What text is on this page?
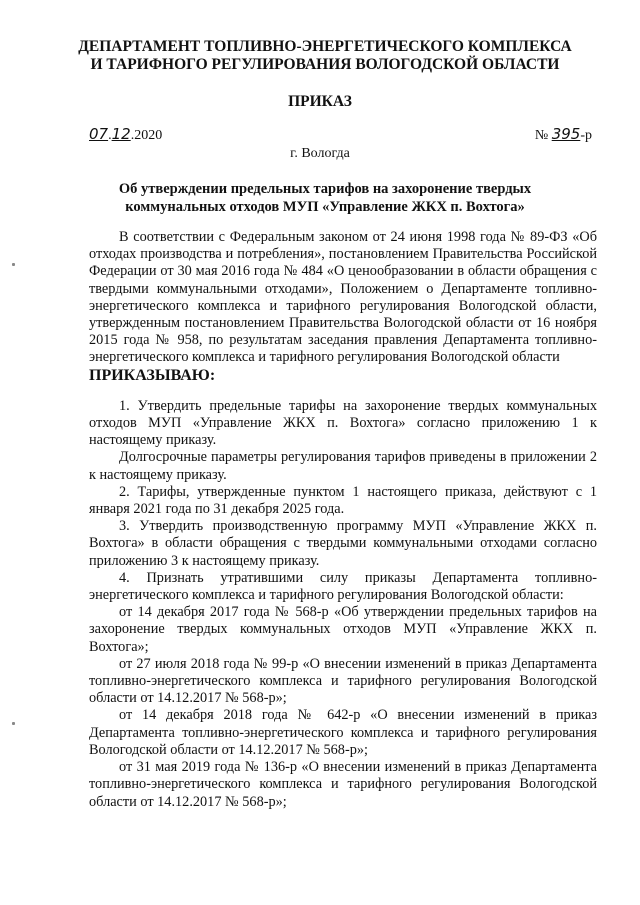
ДЕПАРТАМЕНТ ТОПЛИВНО-ЭНЕРГЕТИЧЕСКОГО КОМПЛЕКСА
И ТАРИФНОГО РЕГУЛИРОВАНИЯ ВОЛОГОДСКОЙ ОБЛАСТИ
ПРИКАЗ
07.12.2020	№ 395-р
г. Вологда
Об утверждении предельных тарифов на захоронение твердых
коммунальных отходов МУП «Управление ЖКХ п. Вохтога»

В соответствии с Федеральным законом от 24 июня 1998 года № 89-ФЗ «Об отходах производства и потребления», постановлением Правительства Российской Федерации от 30 мая 2016 года № 484 «О ценообразовании в области обращения с твердыми коммунальными отходами», Положением о Департаменте топливно-энергетического комплекса и тарифного регулирования Вологодской области, утвержденным постановлением Правительства Вологодской области от 16 ноября 2015 года № 958, по результатам заседания правления Департамента топливно-энергетического комплекса и тарифного регулирования Вологодской области

ПРИКАЗЫВАЮ:

1. Утвердить предельные тарифы на захоронение твердых коммунальных отходов МУП «Управление ЖКХ п. Вохтога» согласно приложению 1 к настоящему приказу.

Долгосрочные параметры регулирования тарифов приведены в приложении 2 к настоящему приказу.

2. Тарифы, утвержденные пунктом 1 настоящего приказа, действуют с 1 января 2021 года по 31 декабря 2025 года.

3. Утвердить производственную программу МУП «Управление ЖКХ п. Вохтога» в области обращения с твердыми коммунальными отходами согласно приложению 3 к настоящему приказу.

4. Признать утратившими силу приказы Департамента топливно-энергетического комплекса и тарифного регулирования Вологодской области:

от 14 декабря 2017 года № 568-р «Об утверждении предельных тарифов на захоронение твердых коммунальных отходов МУП «Управление ЖКХ п. Вохтога»;

от 27 июля 2018 года № 99-р «О внесении изменений в приказ Департамента топливно-энергетического комплекса и тарифного регулирования Вологодской области от 14.12.2017 № 568-р»;

от 14 декабря 2018 года № 642-р «О внесении изменений в приказ Департамента топливно-энергетического комплекса и тарифного регулирования Вологодской области от 14.12.2017 № 568-р»;

от 31 мая 2019 года № 136-р «О внесении изменений в приказ Департамента топливно-энергетического комплекса и тарифного регулирования Вологодской области от 14.12.2017 № 568-р»;
